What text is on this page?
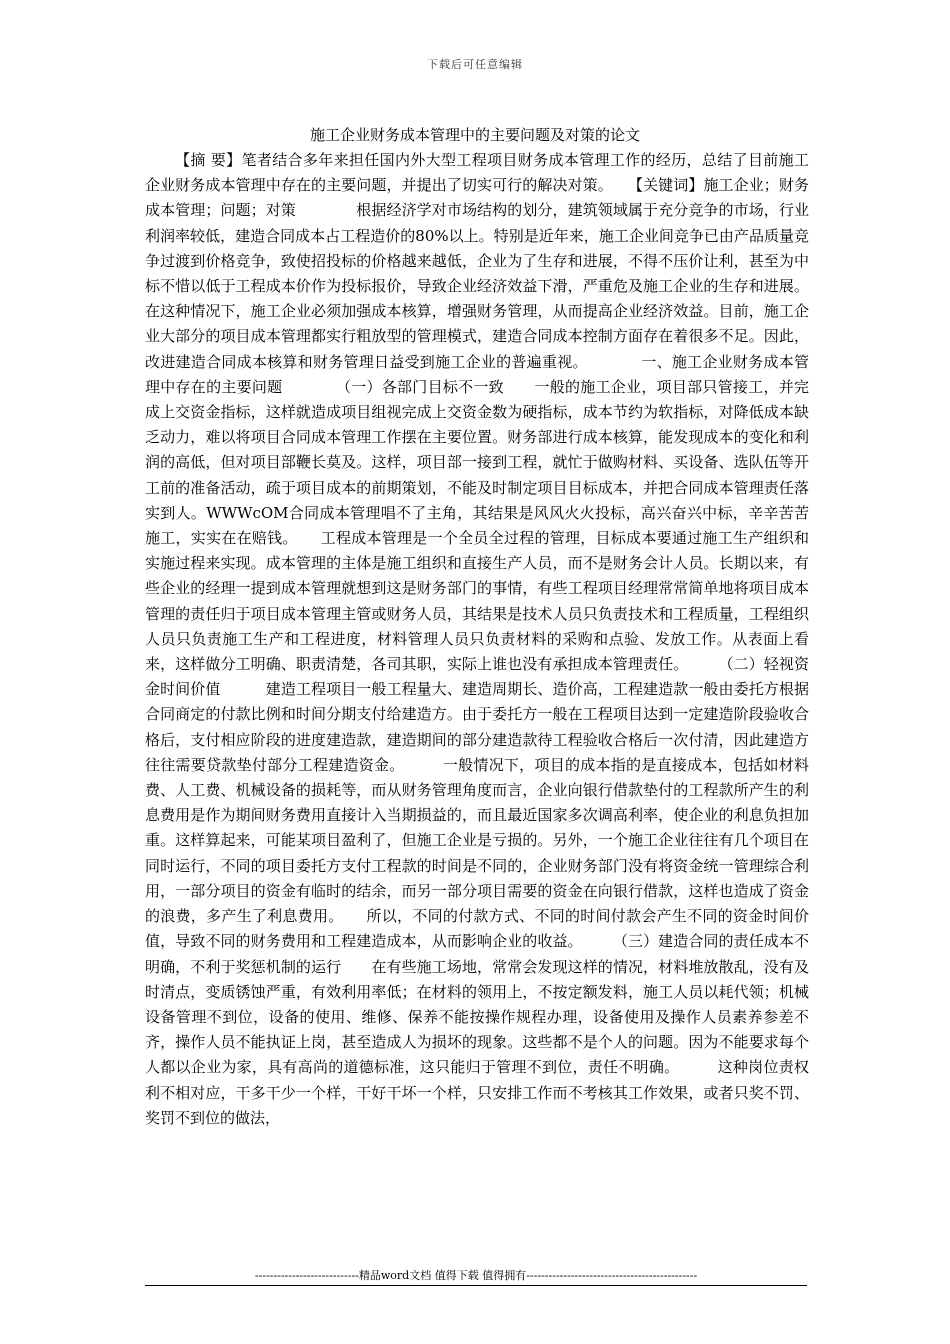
下载后可任意编辑
施工企业财务成本管理中的主要问题及对策的论文

【摘 要】笔者结合多年来担任国内外大型工程项目财务成本管理工作的经历，总结了目前施工企业财务成本管理中存在的主要问题，并提出了切实可行的解决对策。　　【关键词】施工企业；财务成本管理；问题；对策　　　　根据经济学对市场结构的划分，建筑领域属于充分竞争的市场，行业利润率较低，建造合同成本占工程造价的80%以上。特别是近年来，施工企业间竞争已由产品质量竞争过渡到价格竞争，致使招投标的价格越来越低，企业为了生存和进展，不得不压价让利，甚至为中标不惜以低于工程成本价作为投标报价，导致企业经济效益下滑，严重危及施工企业的生存和进展。在这种情况下，施工企业必须加强成本核算，增强财务管理，从而提高企业经济效益。目前，施工企业大部分的项目成本管理都实行粗放型的管理模式，建造合同成本控制方面存在着很多不足。因此，改进建造合同成本核算和财务管理日益受到施工企业的普遍重视。　　　　一、施工企业财务成本管理中存在的主要问题　　　　（一）各部门目标不一致　　一般的施工企业，项目部只管接工，并完成上交资金指标，这样就造成项目组视完成上交资金数为硬指标，成本节约为软指标，对降低成本缺乏动力，难以将项目合同成本管理工作摆在主要位置。财务部进行成本核算，能发现成本的变化和利润的高低，但对项目部鞭长莫及。这样，项目部一接到工程，就忙于做购材料、买设备、选队伍等开工前的准备活动，疏于项目成本的前期策划，不能及时制定项目目标成本，并把合同成本管理责任落实到人。WWWcOM合同成本管理唱不了主角，其结果是风风火火投标，高兴奋兴中标，辛辛苦苦施工，实实在在赔钱。　　工程成本管理是一个全员全过程的管理，目标成本要通过施工生产组织和实施过程来实现。成本管理的主体是施工组织和直接生产人员，而不是财务会计人员。长期以来，有些企业的经理一提到成本管理就想到这是财务部门的事情，有些工程项目经理常常简单地将项目成本管理的责任归于项目成本管理主管或财务人员，其结果是技术人员只负责技术和工程质量，工程组织人员只负责施工生产和工程进度，材料管理人员只负责材料的采购和点验、发放工作。从表面上看来，这样做分工明确、职责清楚，各司其职，实际上谁也没有承担成本管理责任。　　　（二）轻视资金时间价值　　　建造工程项目一般工程量大、建造周期长、造价高，工程建造款一般由委托方根据合同商定的付款比例和时间分期支付给建造方。由于委托方一般在工程项目达到一定建造阶段验收合格后，支付相应阶段的进度建造款，建造期间的部分建造款待工程验收合格后一次付清，因此建造方往往需要贷款垫付部分工程建造资金。　　　一般情况下，项目的成本指的是直接成本，包括如材料费、人工费、机械设备的损耗等，而从财务管理角度而言，企业向银行借款垫付的工程款所产生的利息费用是作为期间财务费用直接计入当期损益的，而且最近国家多次调高利率，使企业的利息负担加重。这样算起来，可能某项目盈利了，但施工企业是亏损的。另外，一个施工企业往往有几个项目在同时运行，不同的项目委托方支付工程款的时间是不同的，企业财务部门没有将资金统一管理综合利用，一部分项目的资金有临时的结余，而另一部分项目需要的资金在向银行借款，这样也造成了资金的浪费，多产生了利息费用。　　所以，不同的付款方式、不同的时间付款会产生不同的资金时间价值，导致不同的财务费用和工程建造成本，从而影响企业的收益。　　　（三）建造合同的责任成本不明确，不利于奖惩机制的运行　　在有些施工场地，常常会发现这样的情况，材料堆放散乱，没有及时清点，变质锈蚀严重，有效利用率低；在材料的领用上，不按定额发料，施工人员以耗代领；机械设备管理不到位，设备的使用、维修、保养不能按操作规程办理，设备使用及操作人员素养参差不齐，操作人员不能执证上岗，甚至造成人为损坏的现象。这些都不是个人的问题。因为不能要求每个人都以企业为家，具有高尚的道德标准，这只能归于管理不到位，责任不明确。　　　这种岗位责权利不相对应，干多干少一个样，干好干坏一个样，只安排工作而不考核其工作效果，或者只奖不罚、奖罚不到位的做法，

----------------------------精品word文档 值得下载 值得拥有----------------------------------------------
